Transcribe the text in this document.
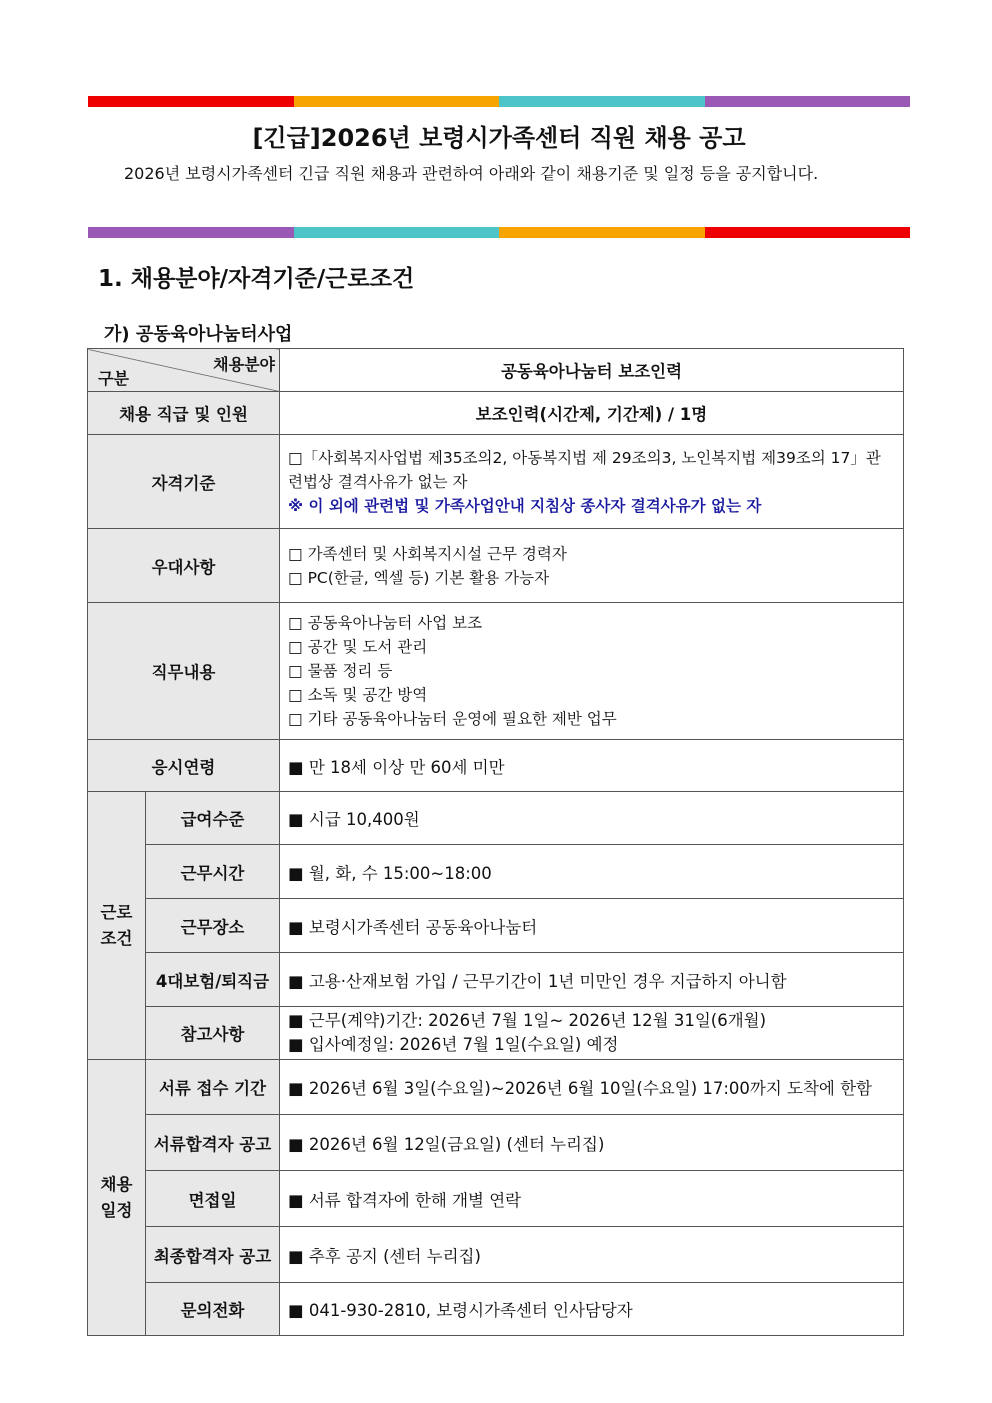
[긴급]2026년 보령시가족센터 직원 채용 공고
2026년 보령시가족센터 긴급 직원 채용과 관련하여 아래와 같이 채용기준 및 일정 등을 공지합니다.
1. 채용분야/자격기준/근로조건
가) 공동육아나눔터사업
채용분야
구분		공동육아나눔터 보조인력
채용 직급 및 인원		보조인력(시간제, 기간제) / 1명
자격기준		□「사회복지사업법 제35조의2, 아동복지법 제 29조의3, 노인복지법 제39조의 17」관련법상 결격사유가 없는 자
※ 이 외에 관련법 및 가족사업안내 지침상 종사자 결격사유가 없는 자

우대사항		□ 가족센터 및 사회복지시설 근무 경력자
□ PC(한글, 엑셀 등) 기본 활용 가능자

직무내용		□ 공동육아나눔터 사업 보조
□ 공간 및 도서 관리
□ 물품 정리 등
□ 소독 및 공간 방역
□ 기타 공동육아나눔터 운영에 필요한 제반 업무

응시연령		■ 만 18세 이상 만 60세 미만

근로
조건	급여수준	■ 시급 10,400원
	근무시간	■ 월, 화, 수 15:00~18:00
	근무장소	■ 보령시가족센터 공동육아나눔터
	4대보험/퇴직금	■ 고용·산재보험 가입 / 근무기간이 1년 미만인 경우 지급하지 아니함
	참고사항	■ 근무(계약)기간: 2026년 7월 1일~ 2026년 12월 31일(6개월)
■ 입사예정일: 2026년 7월 1일(수요일) 예정

채용
일정	서류 접수 기간	■ 2026년 6월 3일(수요일)~2026년 6월 10일(수요일) 17:00까지 도착에 한함
	서류합격자 공고	■ 2026년 6월 12일(금요일) (센터 누리집)
	면접일	■ 서류 합격자에 한해 개별 연락
	최종합격자 공고	■ 추후 공지 (센터 누리집)
	문의전화	■ 041-930-2810, 보령시가족센터 인사담당자
